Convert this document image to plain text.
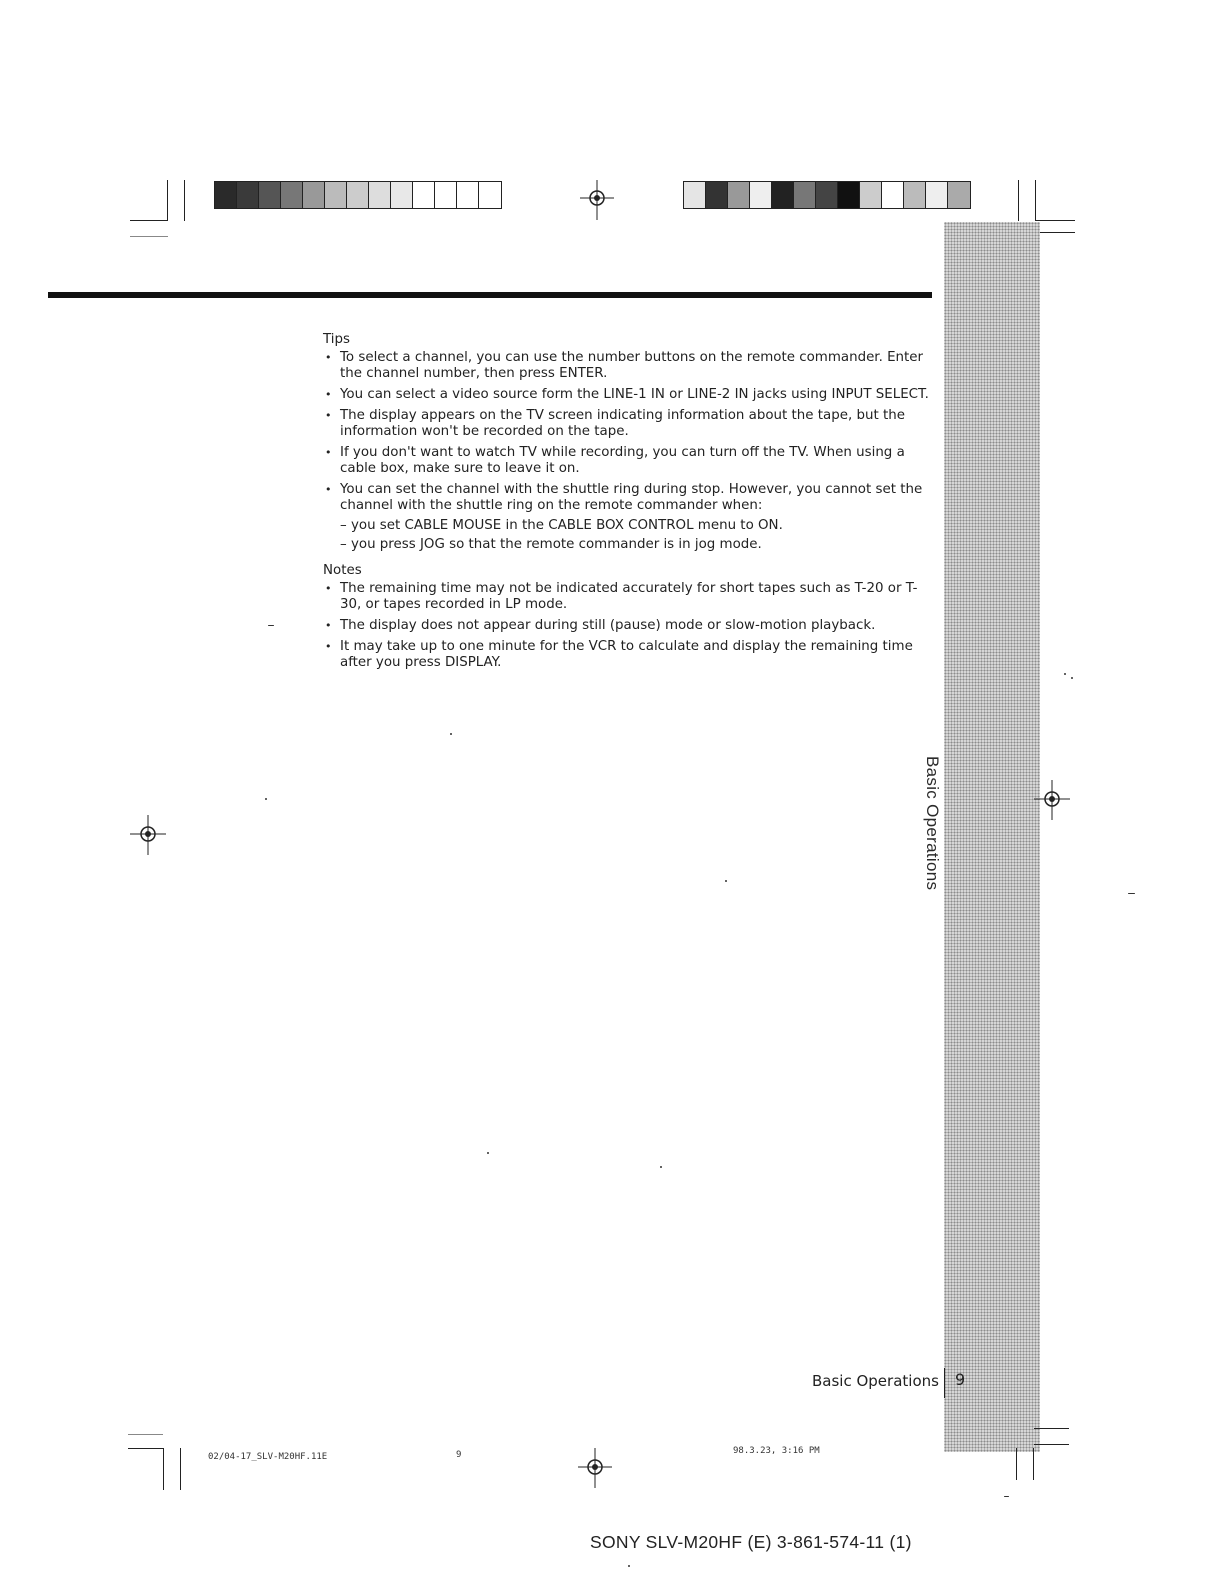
Basic Operations
Tips
• To select a channel, you can use the number buttons on the remote commander. Enter the channel number, then press ENTER.
• You can select a video source form the LINE-1 IN or LINE-2 IN jacks using INPUT SELECT.
• The display appears on the TV screen indicating information about the tape, but the information won't be recorded on the tape.
• If you don't want to watch TV while recording, you can turn off the TV. When using a cable box, make sure to leave it on.
• You can set the channel with the shuttle ring during stop. However, you cannot set the channel with the shuttle ring on the remote commander when:
– you set CABLE MOUSE in the CABLE BOX CONTROL menu to ON.
– you press JOG so that the remote commander is in jog mode.
Notes
• The remaining time may not be indicated accurately for short tapes such as T-20 or T-30, or tapes recorded in LP mode.
• The display does not appear during still (pause) mode or slow-motion playback.
• It may take up to one minute for the VCR to calculate and display the remaining time after you press DISPLAY.
Basic Operations 9
02/04-17_SLV-M20HF.11E	9	98.3.23, 3:16 PM
SONY SLV-M20HF (E) 3-861-574-11 (1)
